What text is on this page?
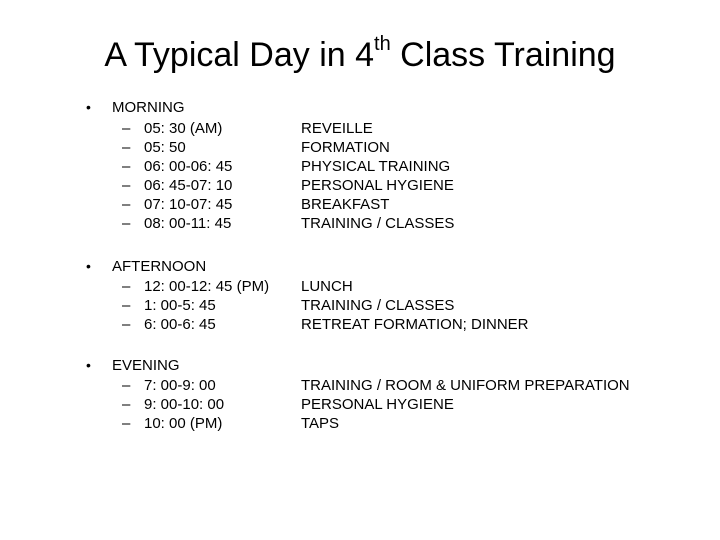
A Typical Day in 4th Class Training
• MORNING
– 05: 30 (AM)	REVEILLE
– 05: 50	FORMATION
– 06: 00-06: 45	PHYSICAL TRAINING
– 06: 45-07: 10	PERSONAL HYGIENE
– 07: 10-07: 45	BREAKFAST
– 08: 00-11: 45	TRAINING / CLASSES
• AFTERNOON
– 12: 00-12: 45 (PM) LUNCH
– 1: 00-5: 45	TRAINING / CLASSES
– 6: 00-6: 45	RETREAT FORMATION; DINNER
• EVENING
– 7: 00-9: 00	TRAINING / ROOM & UNIFORM PREPARATION
– 9: 00-10: 00	PERSONAL HYGIENE
– 10: 00 (PM)	TAPS
